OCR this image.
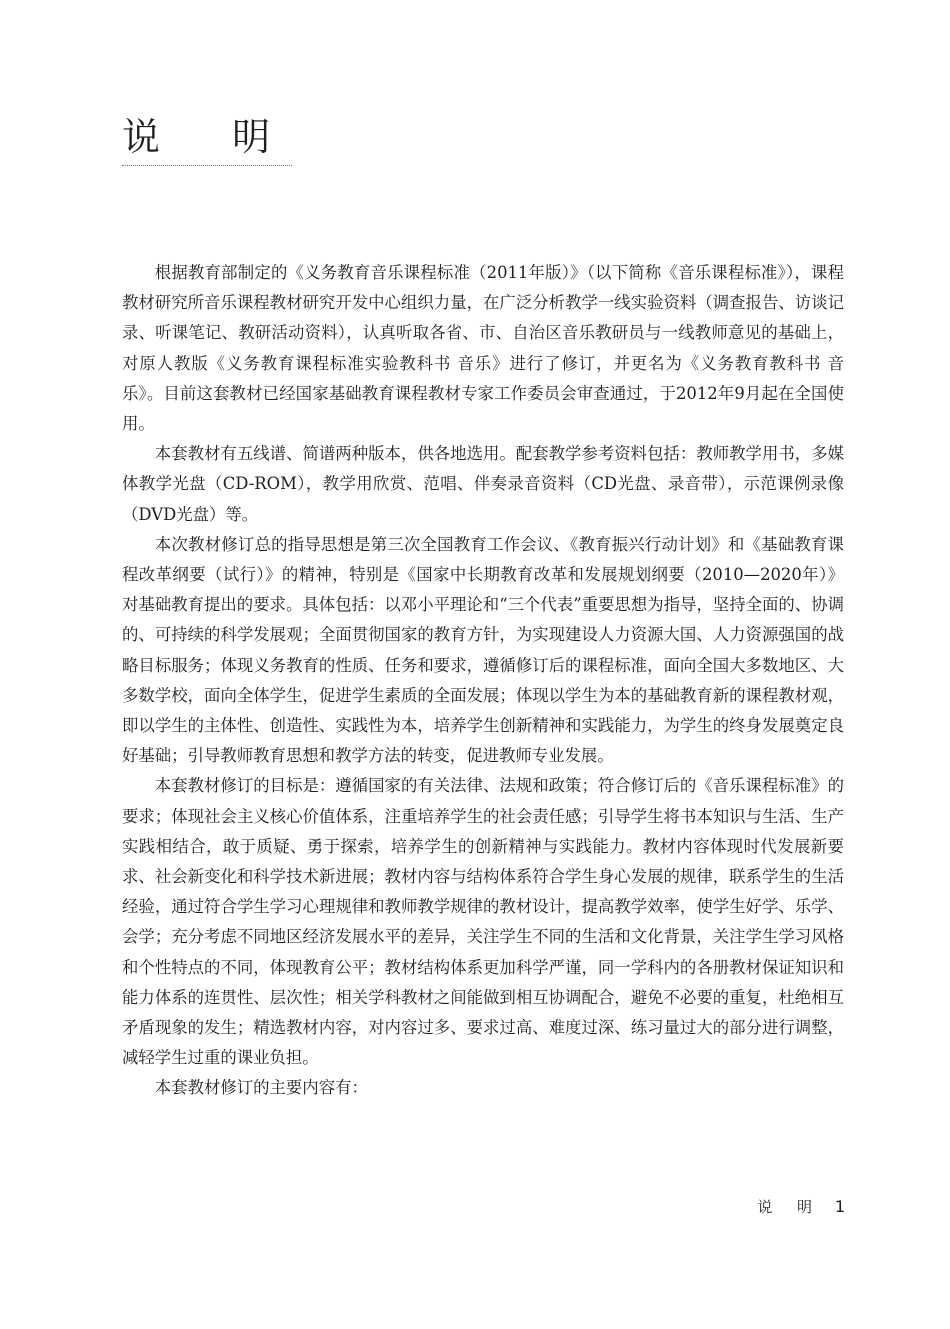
说 明

根据教育部制定的《义务教育音乐课程标准（2011年版）》（以下简称《音乐课程标准》），课程教材研究所音乐课程教材研究开发中心组织力量，在广泛分析教学一线实验资料（调查报告、访谈记录、听课笔记、教研活动资料），认真听取各省、市、自治区音乐教研员与一线教师意见的基础上，对原人教版《义务教育课程标准实验教科书 音乐》进行了修订，并更名为《义务教育教科书 音乐》。目前这套教材已经国家基础教育课程教材专家工作委员会审查通过，于2012年9月起在全国使用。

本套教材有五线谱、简谱两种版本，供各地选用。配套教学参考资料包括：教师教学用书，多媒体教学光盘（CD-ROM），教学用欣赏、范唱、伴奏录音资料（CD光盘、录音带），示范课例录像（DVD光盘）等。

本次教材修订总的指导思想是第三次全国教育工作会议、《教育振兴行动计划》和《基础教育课程改革纲要（试行）》的精神，特别是《国家中长期教育改革和发展规划纲要（2010—2020年）》对基础教育提出的要求。具体包括：以邓小平理论和“三个代表”重要思想为指导，坚持全面的、协调的、可持续的科学发展观；全面贯彻国家的教育方针，为实现建设人力资源大国、人力资源强国的战略目标服务；体现义务教育的性质、任务和要求，遵循修订后的课程标准，面向全国大多数地区、大多数学校，面向全体学生，促进学生素质的全面发展；体现以学生为本的基础教育新的课程教材观，即以学生的主体性、创造性、实践性为本，培养学生创新精神和实践能力，为学生的终身发展奠定良好基础；引导教师教育思想和教学方法的转变，促进教师专业发展。

本套教材修订的目标是：遵循国家的有关法律、法规和政策；符合修订后的《音乐课程标准》的要求；体现社会主义核心价值体系，注重培养学生的社会责任感；引导学生将书本知识与生活、生产实践相结合，敢于质疑、勇于探索，培养学生的创新精神与实践能力。教材内容体现时代发展新要求、社会新变化和科学技术新进展；教材内容与结构体系符合学生身心发展的规律，联系学生的生活经验，通过符合学生学习心理规律和教师教学规律的教材设计，提高教学效率，使学生好学、乐学、会学；充分考虑不同地区经济发展水平的差异，关注学生不同的生活和文化背景，关注学生学习风格和个性特点的不同，体现教育公平；教材结构体系更加科学严谨，同一学科内的各册教材保证知识和能力体系的连贯性、层次性；相关学科教材之间能做到相互协调配合，避免不必要的重复，杜绝相互矛盾现象的发生；精选教材内容，对内容过多、要求过高、难度过深、练习量过大的部分进行调整，减轻学生过重的课业负担。

本套教材修订的主要内容有：

说 明 1
